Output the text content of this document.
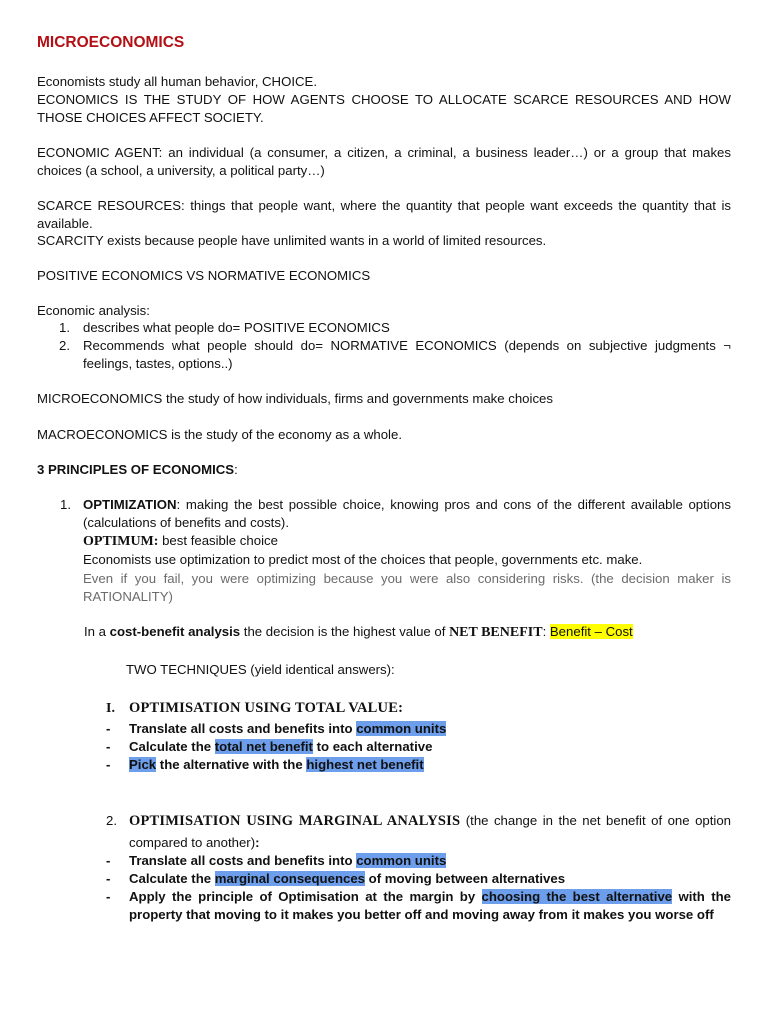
MICROECONOMICS
Economists study all human behavior, CHOICE.
ECONOMICS IS THE STUDY OF HOW AGENTS CHOOSE TO ALLOCATE SCARCE RESOURCES AND HOW THOSE CHOICES AFFECT SOCIETY.
ECONOMIC AGENT: an individual (a consumer, a citizen, a criminal, a business leader…) or a group that makes choices (a school, a university, a political party…)
SCARCE RESOURCES: things that people want, where the quantity that people want exceeds the quantity that is available.
SCARCITY exists because people have unlimited wants in a world of limited resources.
POSITIVE ECONOMICS VS NORMATIVE ECONOMICS
Economic analysis:
1. describes what people do= POSITIVE ECONOMICS
2. Recommends what people should do= NORMATIVE ECONOMICS (depends on subjective judgments ¬ feelings, tastes, options..)
MICROECONOMICS the study of how individuals, firms and governments make choices
MACROECONOMICS is the study of the economy as a whole.
3 PRINCIPLES OF ECONOMICS:
1. OPTIMIZATION: making the best possible choice, knowing pros and cons of the different available options (calculations of benefits and costs).
OPTIMUM: best feasible choice
Economists use optimization to predict most of the choices that people, governments etc. make.
Even if you fail, you were optimizing because you were also considering risks. (the decision maker is RATIONALITY)
In a cost-benefit analysis the decision is the highest value of NET BENEFIT: Benefit – Cost
TWO TECHNIQUES (yield identical answers):
I. OPTIMISATION USING TOTAL VALUE:
- Translate all costs and benefits into common units
- Calculate the total net benefit to each alternative
- Pick the alternative with the highest net benefit
2. OPTIMISATION USING MARGINAL ANALYSIS (the change in the net benefit of one option compared to another):
- Translate all costs and benefits into common units
- Calculate the marginal consequences of moving between alternatives
- Apply the principle of Optimisation at the margin by choosing the best alternative with the property that moving to it makes you better off and moving away from it makes you worse off
